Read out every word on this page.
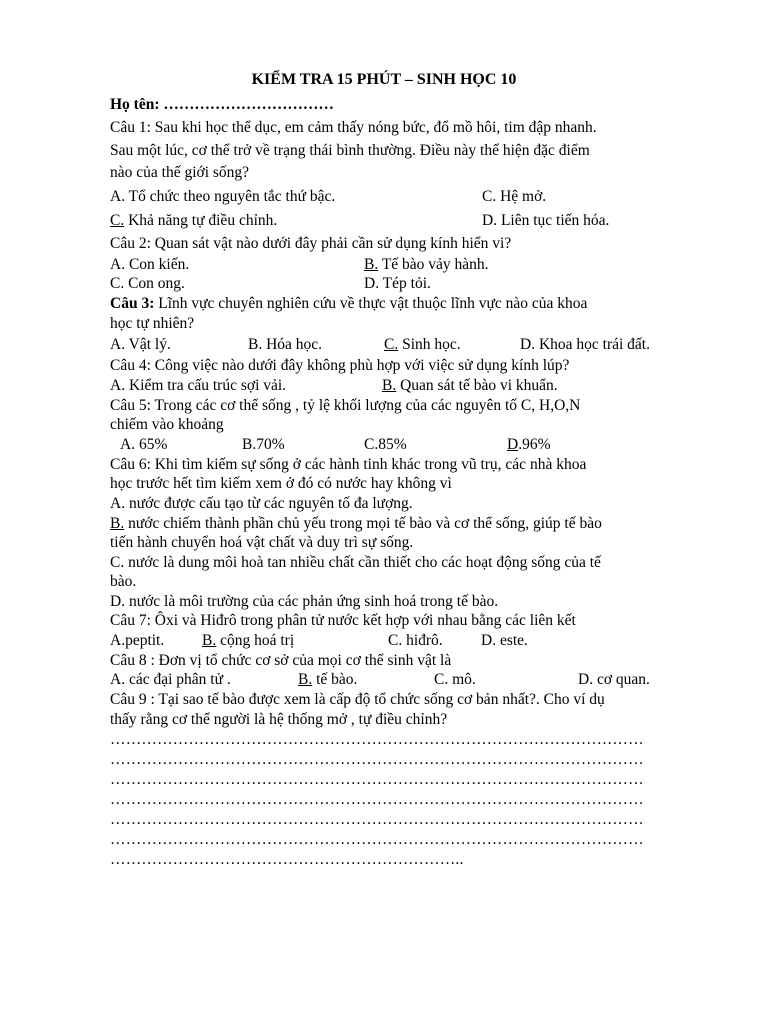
KIỂM TRA 15 PHÚT – SINH HỌC 10
Họ tên: ……………………………
Câu 1: Sau khi học thể dục, em cảm thấy nóng bức, đổ mồ hôi, tim đập nhanh.
Sau một lúc, cơ thể trở về trạng thái bình thường. Điều này thể hiện đặc điểm
nào của thế giới sống?
A. Tổ chức theo nguyên tắc thứ bậc.	C. Hệ mở.
C. Khả năng tự điều chỉnh.	D. Liên tục tiến hóa.
Câu 2: Quan sát vật nào dưới đây phải cần sử dụng kính hiển vi?
A. Con kiến.	B. Tế bào vảy hành.
C. Con ong.	D. Tép tỏi.
Câu 3: Lĩnh vực chuyên nghiên cứu về thực vật thuộc lĩnh vực nào của khoa
học tự nhiên?
A. Vật lý.	B. Hóa học.	C. Sinh học.	D. Khoa học trái đất.
Câu 4: Công việc nào dưới đây không phù hợp với việc sử dụng kính lúp?
A. Kiểm tra cấu trúc sợi vải.	B. Quan sát tế bào vi khuẩn.
Câu 5: Trong các cơ thể sống , tỷ lệ khối lượng của các nguyên tố C, H,O,N
chiếm vào khoảng
A. 65%	B.70%	C.85%	D.96%
Câu 6: Khi tìm kiếm sự sống ở các hành tinh khác trong vũ trụ, các nhà khoa
học trước hết tìm kiếm xem ở đó có nước hay không vì
A. nước được cấu tạo từ các nguyên tố đa lượng.
B. nước chiếm thành phần chủ yếu trong mọi tế bào và cơ thể sống, giúp tế bào
tiến hành chuyển hoá vật chất và duy trì sự sống.
C. nước là dung môi hoà tan nhiều chất cần thiết cho các hoạt động sống của tế
bào.
D. nước là môi trường của các phản ứng sinh hoá trong tế bào.
Câu 7: Ôxi và Hiđrô trong phân tử nước kết hợp với nhau bằng các liên kết
A.peptit. B. cộng hoá trị	C. hiđrô. D. este.
Câu 8 : Đơn vị tổ chức cơ sở của mọi cơ thể sinh vật là
A. các đại phân tử .	B. tế bào.	C. mô.	D. cơ quan.
Câu 9 : Tại sao tế bào được xem là cấp độ tổ chức sống cơ bản nhất?. Cho ví dụ
thấy rằng cơ thể người là hệ thống mở , tự điều chỉnh?
…………………………………………………………………………………………
…………………………………………………………………………………………
…………………………………………………………………………………………
…………………………………………………………………………………………
…………………………………………………………………………………………
…………………………………………………………………………………………
…………………………………………………………..
